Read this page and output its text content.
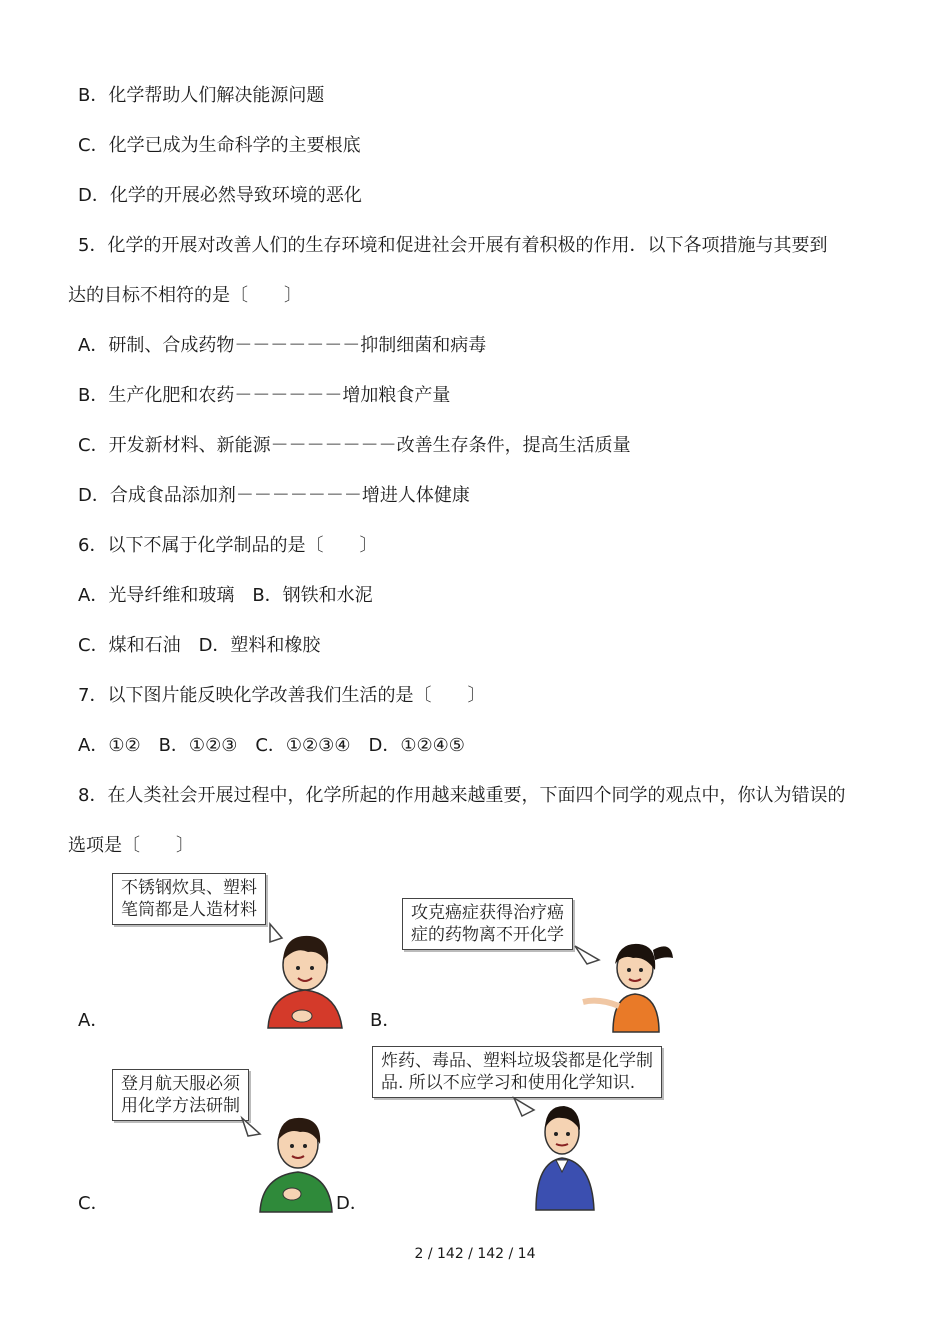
B．化学帮助人们解决能源问题
C．化学已成为生命科学的主要根底
D．化学的开展必然导致环境的恶化
5．化学的开展对改善人们的生存环境和促进社会开展有着积极的作用．以下各项措施与其要到
达的目标不相符的是〔　　〕
A．研制、合成药物－－－－－－－抑制细菌和病毒
B．生产化肥和农药－－－－－－增加粮食产量
C．开发新材料、新能源－－－－－－－改善生存条件，提高生活质量
D．合成食品添加剂－－－－－－－增进人体健康
6．以下不属于化学制品的是〔　　〕
A．光导纤维和玻璃　B．钢铁和水泥
C．煤和石油　D．塑料和橡胶
7．以下图片能反映化学改善我们生活的是〔　　〕
A．①②　B．①②③　C．①②③④　D．①②④⑤
8．在人类社会开展过程中，化学所起的作用越来越重要，下面四个同学的观点中，你认为错误的
选项是〔　　〕
不锈钢炊具、塑料
笔筒都是人造材料
A．
攻克癌症获得治疗癌
症的药物离不开化学
B．
登月航天服必须
用化学方法研制
C．
炸药、毒品、塑料垃圾袋都是化学制
品. 所以不应学习和使用化学知识.
D．
2 / 142 / 142 / 14
